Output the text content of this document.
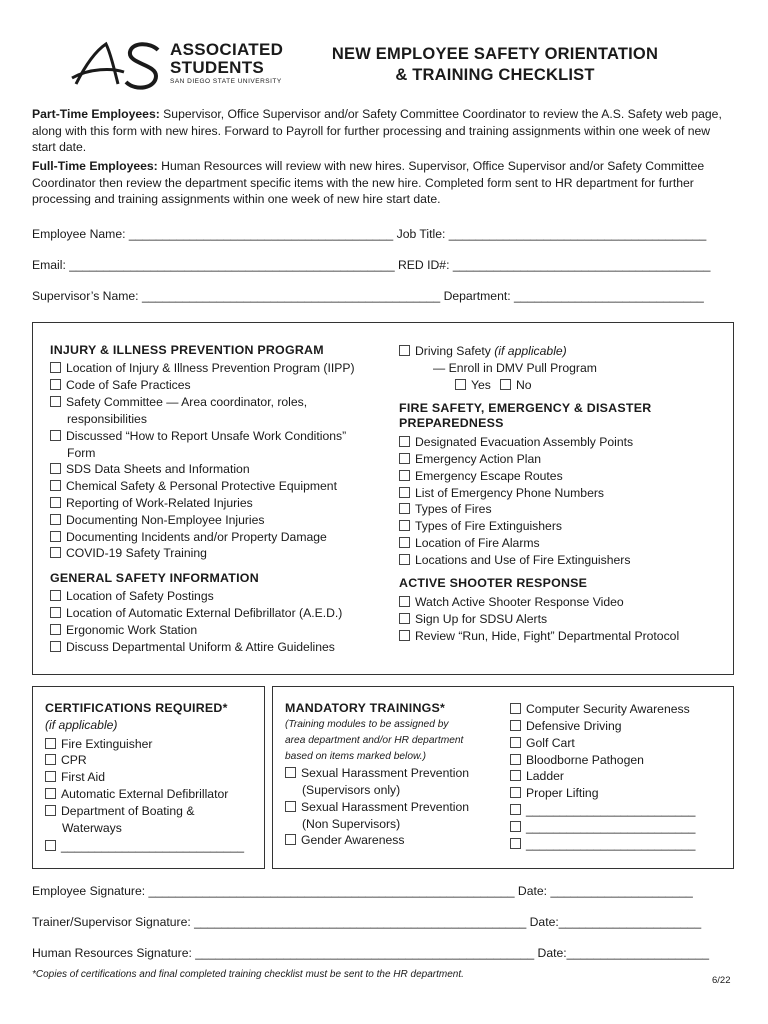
ASSOCIATED
STUDENTS
SAN DIEGO STATE UNIVERSITY
NEW EMPLOYEE SAFETY ORIENTATION
& TRAINING CHECKLIST
Part-Time Employees: Supervisor, Office Supervisor and/or Safety Committee Coordinator to review the A.S. Safety web page, along with this form with new hires. Forward to Payroll for further processing and training assignments within one week of new start date.
Full-Time Employees: Human Resources will review with new hires. Supervisor, Office Supervisor and/or Safety Committee Coordinator then review the department specific items with the new hire. Completed form sent to HR department for further processing and training assignments within one week of new hire start date.
Employee Name: _______________________________________ Job Title: ______________________________________
Email: ________________________________________________ RED ID#: ______________________________________
Supervisor’s Name: ____________________________________________ Department: ____________________________
INJURY & ILLNESS PREVENTION PROGRAM
Location of Injury & Illness Prevention Program (IIPP)
Code of Safe Practices
Safety Committee — Area coordinator, roles,
responsibilities
Discussed “How to Report Unsafe Work Conditions”
Form
SDS Data Sheets and Information
Chemical Safety & Personal Protective Equipment
Reporting of Work-Related Injuries
Documenting Non-Employee Injuries
Documenting Incidents and/or Property Damage
COVID-19 Safety Training
GENERAL SAFETY INFORMATION
Location of Safety Postings
Location of Automatic External Defibrillator (A.E.D.)
Ergonomic Work Station
Discuss Departmental Uniform & Attire Guidelines
Driving Safety (if applicable)
— Enroll in DMV Pull Program
Yes	No
FIRE SAFETY, EMERGENCY & DISASTER
PREPAREDNESS
Designated Evacuation Assembly Points
Emergency Action Plan
Emergency Escape Routes
List of Emergency Phone Numbers
Types of Fires
Types of Fire Extinguishers
Location of Fire Alarms
Locations and Use of Fire Extinguishers
ACTIVE SHOOTER RESPONSE
Watch Active Shooter Response Video
Sign Up for SDSU Alerts
Review “Run, Hide, Fight” Departmental Protocol
CERTIFICATIONS REQUIRED*
(if applicable)
Fire Extinguisher
CPR
First Aid
Automatic External Defibrillator
Department of Boating &
Waterways
___________________________
MANDATORY TRAININGS*
(Training modules to be assigned by
area department and/or HR department
based on items marked below.)
Sexual Harassment Prevention
(Supervisors only)
Sexual Harassment Prevention
(Non Supervisors)
Gender Awareness
Computer Security Awareness
Defensive Driving
Golf Cart
Bloodborne Pathogen
Ladder
Proper Lifting
_________________________
_________________________
_________________________
Employee Signature: ______________________________________________________ Date: _____________________
Trainer/Supervisor Signature: _________________________________________________ Date:_____________________
Human Resources Signature: __________________________________________________ Date:_____________________
*Copies of certifications and final completed training checklist must be sent to the HR department.
6/22
